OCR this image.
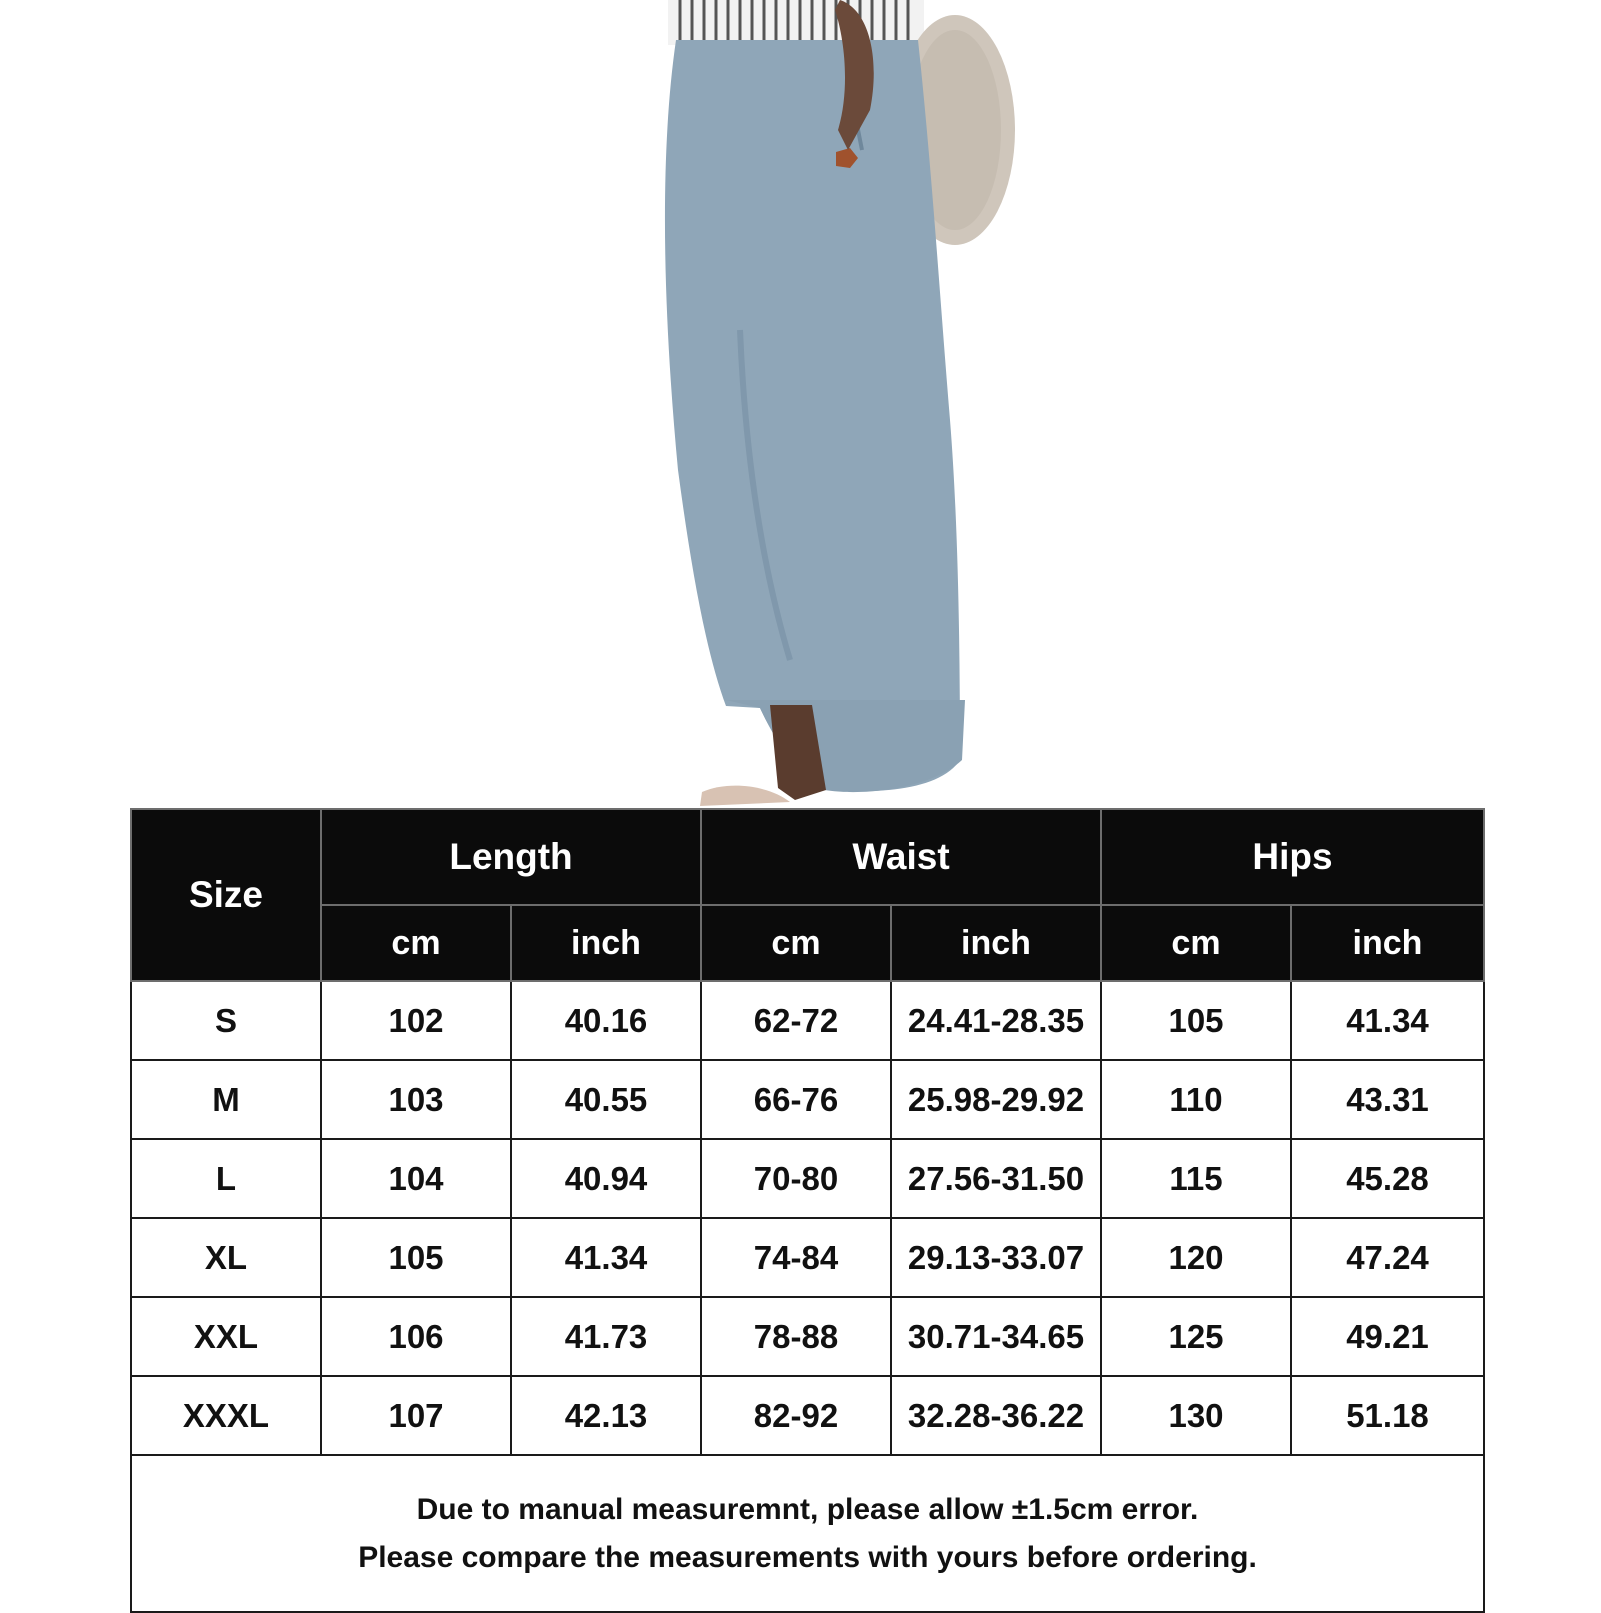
Size	Length		Waist		Hips	
	cm	inch	cm	inch	cm	inch
S	102	40.16	62-72	24.41-28.35	105	41.34
M	103	40.55	66-76	25.98-29.92	110	43.31
L	104	40.94	70-80	27.56-31.50	115	45.28
XL	105	41.34	74-84	29.13-33.07	120	47.24
XXL	106	41.73	78-88	30.71-34.65	125	49.21
XXXL	107	42.13	82-92	32.28-36.22	130	51.18

Due to manual measuremnt, please allow ±1.5cm error.
Please compare the measurements with yours before ordering.						
